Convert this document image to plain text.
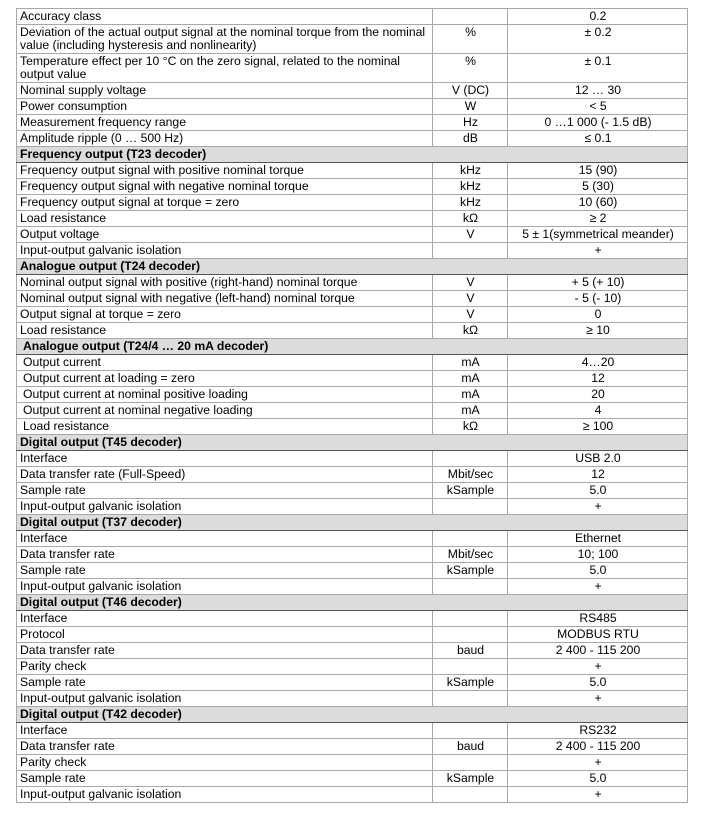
Accuracy class		0.2
Deviation of the actual output signal at the nominal torque from the nominal value (including hysteresis and nonlinearity)	%	± 0.2
Temperature effect per 10 °C on the zero signal, related to the nominal output value	%	± 0.1
Nominal supply voltage	V (DC)	12 … 30
Power consumption	W	< 5
Measurement frequency range	Hz	0 …1 000 (- 1.5 dB)
Amplitude ripple (0 … 500 Hz)	dB	≤ 0.1
Frequency output (T23 decoder)		
Frequency output signal with positive nominal torque	kHz	15 (90)
Frequency output signal with negative nominal torque	kHz	5 (30)
Frequency output signal at torque = zero	kHz	10 (60)
Load resistance	kΩ	≥ 2
Output voltage	V	5 ± 1(symmetrical meander)
Input-output galvanic isolation		+
Analogue output (T24 decoder)		
Nominal output signal with positive (right-hand) nominal torque	V	+ 5 (+ 10)
Nominal output signal with negative (left-hand) nominal torque	V	- 5 (- 10)
Output signal at torque = zero	V	0
Load resistance	kΩ	≥ 10
Analogue output (T24/4 … 20 mA decoder)		
Output current	mA	4…20
Output current at loading = zero	mA	12
Output current at nominal positive loading	mA	20
Output current at nominal negative loading	mA	4
Load resistance	kΩ	≥ 100
Digital output (T45 decoder)		
Interface		USB 2.0
Data transfer rate (Full-Speed)	Mbit/sec	12
Sample rate	kSample	5.0
Input-output galvanic isolation		+
Digital output (T37 decoder)		
Interface		Ethernet
Data transfer rate	Mbit/sec	10; 100
Sample rate	kSample	5.0
Input-output galvanic isolation		+
Digital output (T46 decoder)		
Interface		RS485
Protocol		MODBUS RTU
Data transfer rate	baud	2 400 - 115 200
Parity check		+
Sample rate	kSample	5.0
Input-output galvanic isolation		+
Digital output (T42 decoder)		
Interface		RS232
Data transfer rate	baud	2 400 - 115 200
Parity check		+
Sample rate	kSample	5.0
Input-output galvanic isolation		+
